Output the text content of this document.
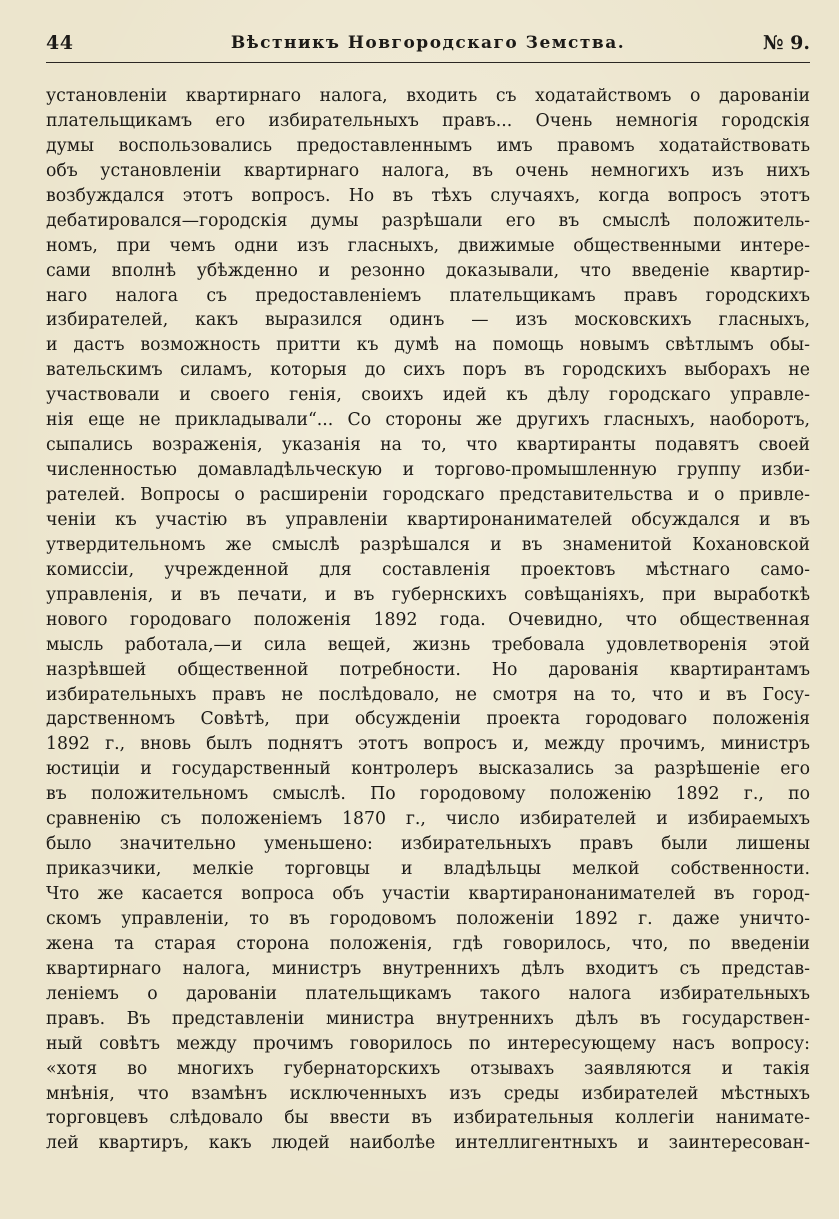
44	Вѣстникъ Новгородскаго Земства.	№ 9.
установленіи квартирнаго налога, входить съ ходатайствомъ о дарованіи
плательщикамъ его избирательныхъ правъ... Очень немногія городскія
думы воспользовались предоставленнымъ имъ правомъ ходатайствовать
объ установленіи квартирнаго налога, въ очень немногихъ изъ нихъ
возбуждался этотъ вопросъ. Но въ тѣхъ случаяхъ, когда вопросъ этотъ
дебатировался—городскія думы разрѣшали его въ смыслѣ положитель-
номъ, при чемъ одни изъ гласныхъ, движимые общественными интере-
сами вполнѣ убѣжденно и резонно доказывали, что введеніе квартир-
наго налога съ предоставленіемъ плательщикамъ правъ городскихъ
избирателей, какъ выразился одинъ — изъ московскихъ гласныхъ,
и дастъ возможность притти къ думѣ на помощь новымъ свѣтлымъ обы-
вательскимъ силамъ, которыя до сихъ поръ въ городскихъ выборахъ не
участвовали и своего генія, своихъ идей къ дѣлу городскаго управле-
нія еще не прикладывали“... Со стороны же другихъ гласныхъ, наоборотъ,
сыпались возраженія, указанія на то, что квартиранты подавятъ своей
численностью домавладѣльческую и торгово-промышленную группу изби-
рателей. Вопросы о расширеніи городскаго представительства и о привле-
ченіи къ участію въ управленіи квартиронанимателей обсуждался и въ
утвердительномъ же смыслѣ разрѣшался и въ знаменитой Кохановской
комиссіи, учрежденной для составленія проектовъ мѣстнаго само-
управленія, и въ печати, и въ губернскихъ совѣщаніяхъ, при выработкѣ
нового городоваго положенія 1892 года. Очевидно, что общественная
мысль работала,—и сила вещей, жизнь требовала удовлетворенія этой
назрѣвшей общественной потребности. Но дарованія квартирантамъ
избирательныхъ правъ не послѣдовало, не смотря на то, что и въ Госу-
дарственномъ Совѣтѣ, при обсужденіи проекта городоваго положенія
1892 г., вновь былъ поднятъ этотъ вопросъ и, между прочимъ, министръ
юстиціи и государственный контролеръ высказались за разрѣшеніе его
въ положительномъ смыслѣ. По городовому положенію 1892 г., по
сравненію съ положеніемъ 1870 г., число избирателей и избираемыхъ
было значительно уменьшено: избирательныхъ правъ были лишены
приказчики, мелкіе торговцы и владѣльцы мелкой собственности.
Что же касается вопроса объ участіи квартиранонанимателей въ город-
скомъ управленіи, то въ городовомъ положеніи 1892 г. даже уничто-
жена та старая сторона положенія, гдѣ говорилось, что, по введеніи
квартирнаго налога, министръ внутреннихъ дѣлъ входитъ съ представ-
леніемъ о дарованіи плательщикамъ такого налога избирательныхъ
правъ. Въ представленіи министра внутреннихъ дѣлъ въ государствен-
ный совѣтъ между прочимъ говорилось по интересующему насъ вопросу:
«хотя во многихъ губернаторскихъ отзывахъ заявляются и такія
мнѣнія, что взамѣнъ исключенныхъ изъ среды избирателей мѣстныхъ
торговцевъ слѣдовало бы ввести въ избирательныя коллегіи нанимате-
лей квартиръ, какъ людей наиболѣе интеллигентныхъ и заинтересован-
